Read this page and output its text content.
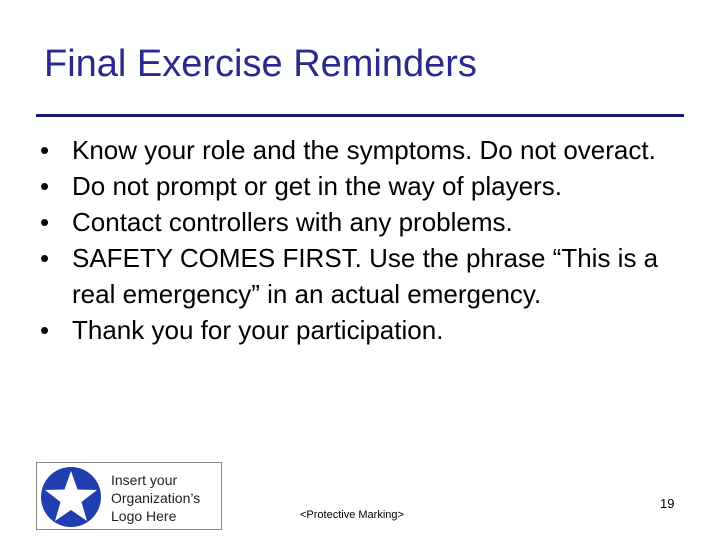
Final Exercise Reminders
• Know your role and the symptoms. Do not overact.
• Do not prompt or get in the way of players.
• Contact controllers with any problems.
• SAFETY COMES FIRST. Use the phrase “This is a real emergency” in an actual emergency.
• Thank you for your participation.
Insert your
Organization’s
Logo Here	<Protective Marking>
19
